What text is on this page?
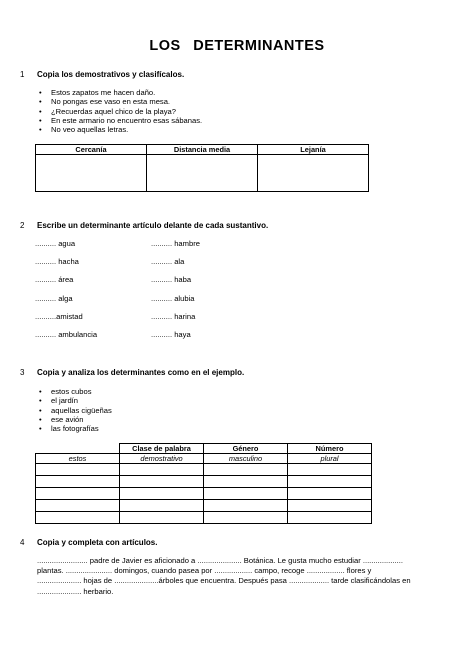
LOS DETERMINANTES
1 Copia los demostrativos y clasifícalos.
• Estos zapatos me hacen daño.
• No pongas ese vaso en esta mesa.
• ¿Recuerdas aquel chico de la playa?
• En este armario no encuentro esas sábanas.
• No veo aquellas letras.
Cercanía	Distancia media	Lejanía

2 Escribe un determinante artículo delante de cada sustantivo.
.......... agua
.......... hacha
.......... área
.......... alga
..........amistad
.......... ambulancia
.......... hambre
.......... ala
.......... haba
.......... alubia
.......... harina
.......... haya
3 Copia y analiza los determinantes como en el ejemplo.
• estos cubos
• el jardín
• aquellas cigüeñas
• ese avión
• las fotografías
	Clase de palabra	Género	Número
estos	demostrativo	masculino	plural

4 Copia y completa con artículos.
........................ padre de Javier es aficionado a ..................... Botánica. Le gusta mucho estudiar ...................
plantas. ...................... domingos, cuando pasea por .................. campo, recoge .................. flores y
..................... hojas de .....................árboles que encuentra. Después pasa ................... tarde clasificándolas en
..................... herbario.
